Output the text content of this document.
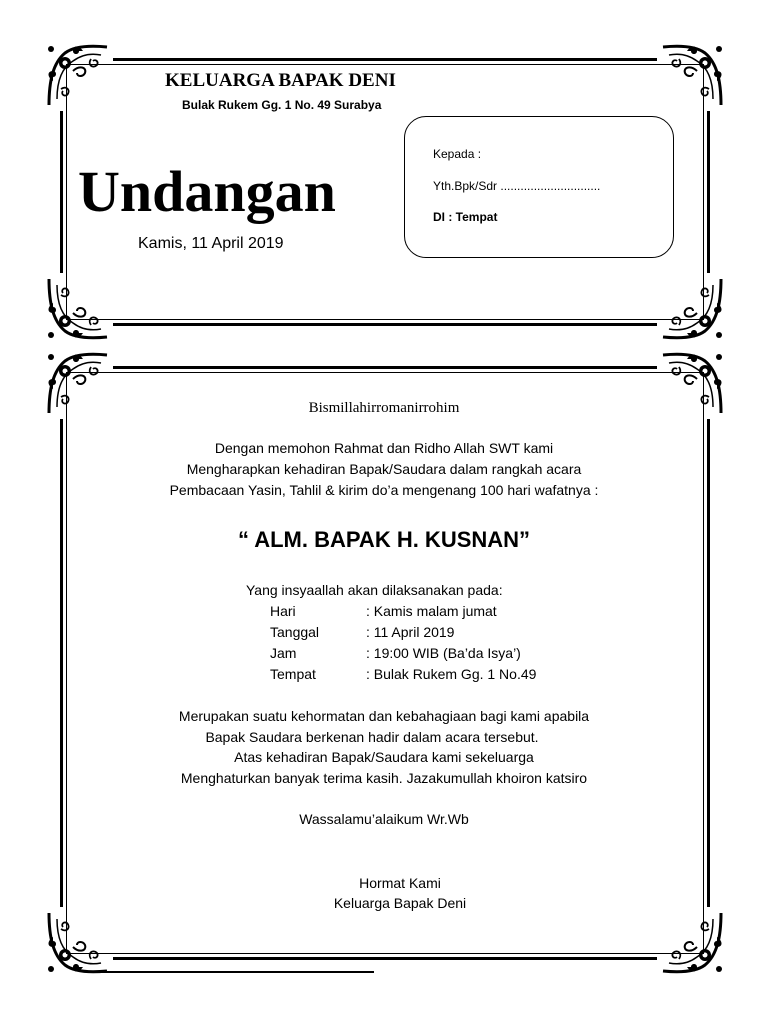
KELUARGA BAPAK DENI
Bulak Rukem Gg. 1 No. 49 Surabya
Undangan
Kamis, 11 April 2019
Kepada :
Yth.Bpk/Sdr ..............................
DI : Tempat
Bismillahirromanirrohim
Dengan memohon Rahmat dan Ridho Allah SWT kami
Mengharapkan kehadiran Bapak/Saudara dalam rangkah acara
Pembacaan Yasin, Tahlil & kirim do’a mengenang 100 hari wafatnya :
“ ALM. BAPAK H. KUSNAN”
Yang insyaallah akan dilaksanakan pada:
Hari	: Kamis malam jumat
Tanggal	: 11 April 2019
Jam	: 19:00 WIB (Ba’da Isya’)
Tempat	: Bulak Rukem Gg. 1 No.49
Merupakan suatu kehormatan dan kebahagiaan bagi kami apabila
Bapak Saudara berkenan hadir dalam acara tersebut.
Atas kehadiran Bapak/Saudara kami sekeluarga
Menghaturkan banyak terima kasih. Jazakumullah khoiron katsiro
Wassalamu’alaikum Wr.Wb
Hormat Kami
Keluarga Bapak Deni
